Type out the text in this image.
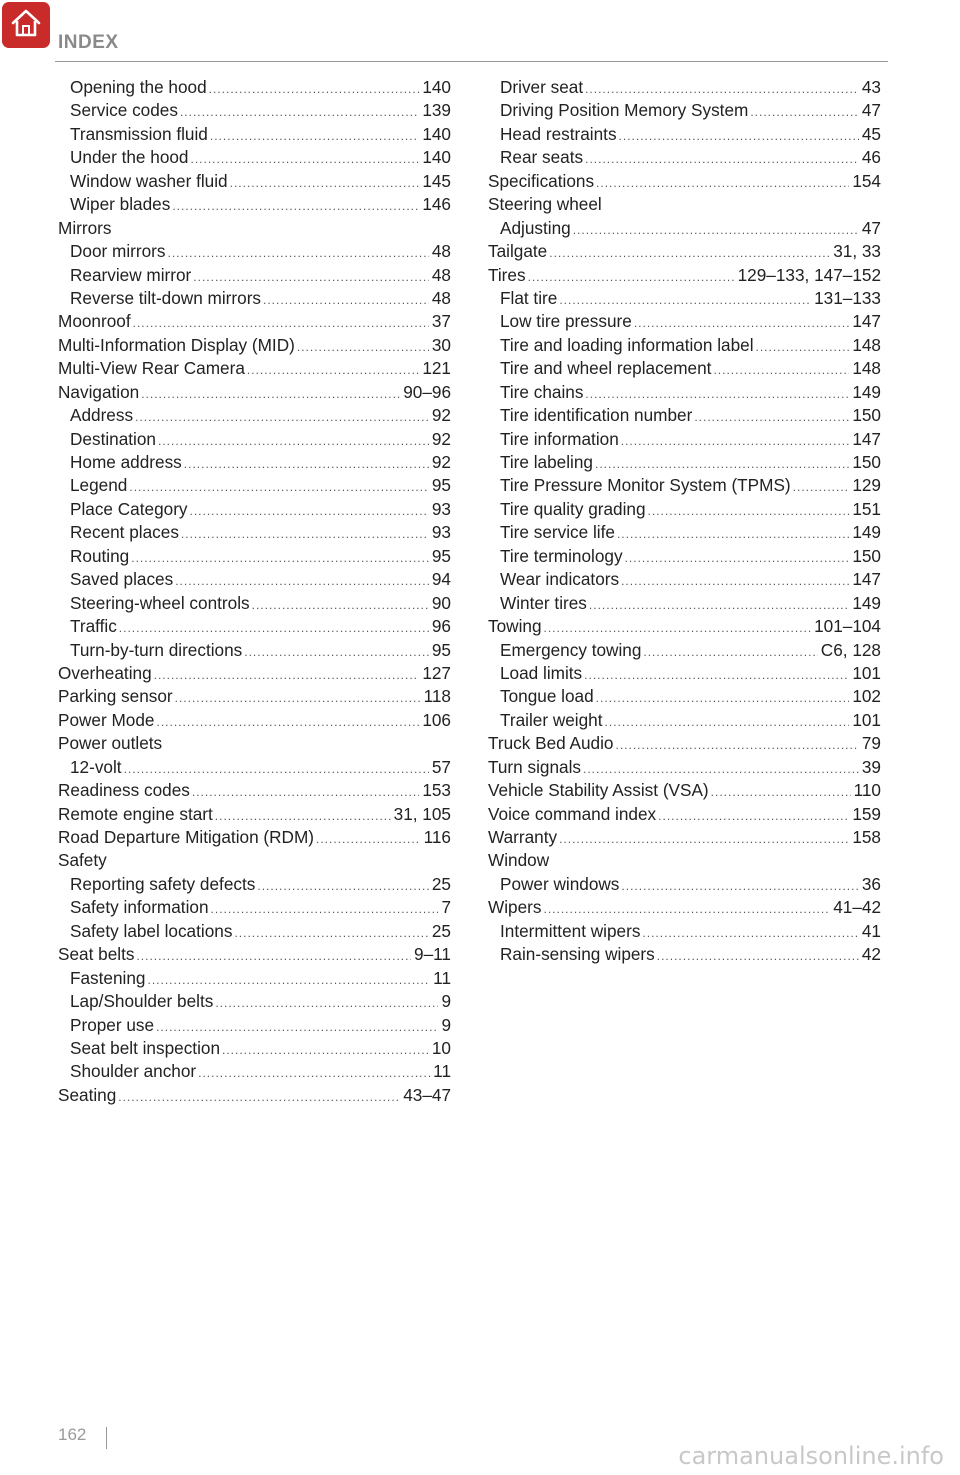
INDEX
Opening the hood .....	140
Service codes .....	139
Transmission fluid .....	140
Under the hood .....	140
Window washer fluid .....	145
Wiper blades .....	146
Mirrors
Door mirrors .....	48
Rearview mirror .....	48
Reverse tilt-down mirrors .....	48
Moonroof .....	37
Multi-Information Display (MID) .....	30
Multi-View Rear Camera .....	121
Navigation .....	90–96
Address .....	92
Destination .....	92
Home address .....	92
Legend .....	95
Place Category .....	93
Recent places .....	93
Routing .....	95
Saved places .....	94
Steering-wheel controls .....	90
Traffic .....	96
Turn-by-turn directions .....	95
Overheating .....	127
Parking sensor .....	118
Power Mode .....	106
Power outlets
12-volt .....	57
Readiness codes .....	153
Remote engine start .....	31, 105
Road Departure Mitigation (RDM) .....	116
Safety
Reporting safety defects .....	25
Safety information .....	7
Safety label locations .....	25
Seat belts .....	9–11
Fastening .....	11
Lap/Shoulder belts .....	9
Proper use .....	9
Seat belt inspection .....	10
Shoulder anchor .....	11
Seating .....	43–47
Driver seat .....	43
Driving Position Memory System .....	47
Head restraints .....	45
Rear seats .....	46
Specifications .....	154
Steering wheel
Adjusting .....	47
Tailgate .....	31, 33
Tires .....	129–133, 147–152
Flat tire .....	131–133
Low tire pressure .....	147
Tire and loading information label .....	148
Tire and wheel replacement .....	148
Tire chains .....	149
Tire identification number .....	150
Tire information .....	147
Tire labeling .....	150
Tire Pressure Monitor System (TPMS) .....	129
Tire quality grading .....	151
Tire service life .....	149
Tire terminology .....	150
Wear indicators .....	147
Winter tires .....	149
Towing .....	101–104
Emergency towing .....	C6, 128
Load limits .....	101
Tongue load .....	102
Trailer weight .....	101
Truck Bed Audio .....	79
Turn signals .....	39
Vehicle Stability Assist (VSA) .....	110
Voice command index .....	159
Warranty .....	158
Window
Power windows .....	36
Wipers .....	41–42
Intermittent wipers .....	41
Rain-sensing wipers .....	42
162
carmanualsonline.info
